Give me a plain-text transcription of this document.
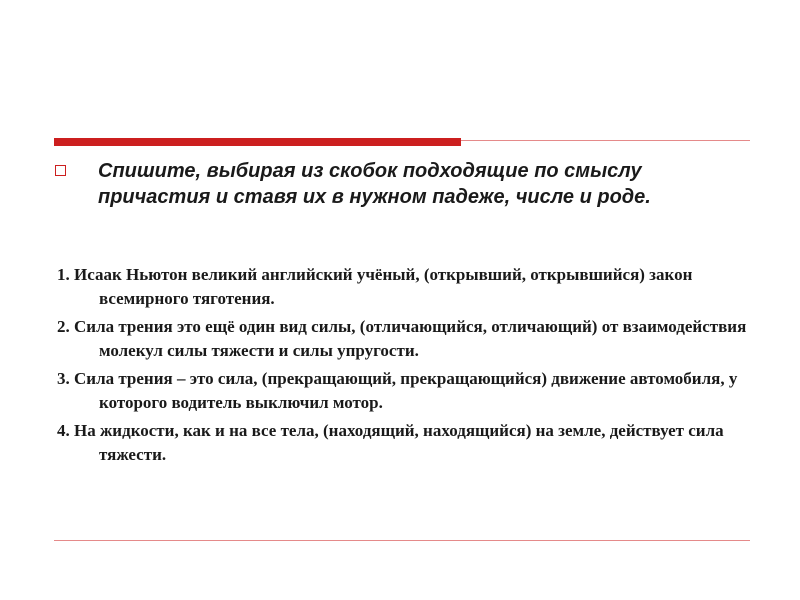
Спишите, выбирая из скобок подходящие по смыслу причастия и ставя их в нужном падеже, числе и роде.

1. Исаак Ньютон великий английский учёный, (открывший, открывшийся) закон всемирного тяготения.
2. Сила трения это ещё один вид силы, (отличающийся, отличающий) от взаимодействия молекул силы тяжести и силы упругости.
3. Сила трения – это сила, (прекращающий, прекращающийся) движение автомобиля, у которого водитель выключил мотор.
4. На жидкости, как и на все тела, (находящий, находящийся) на земле, действует сила тяжести.
